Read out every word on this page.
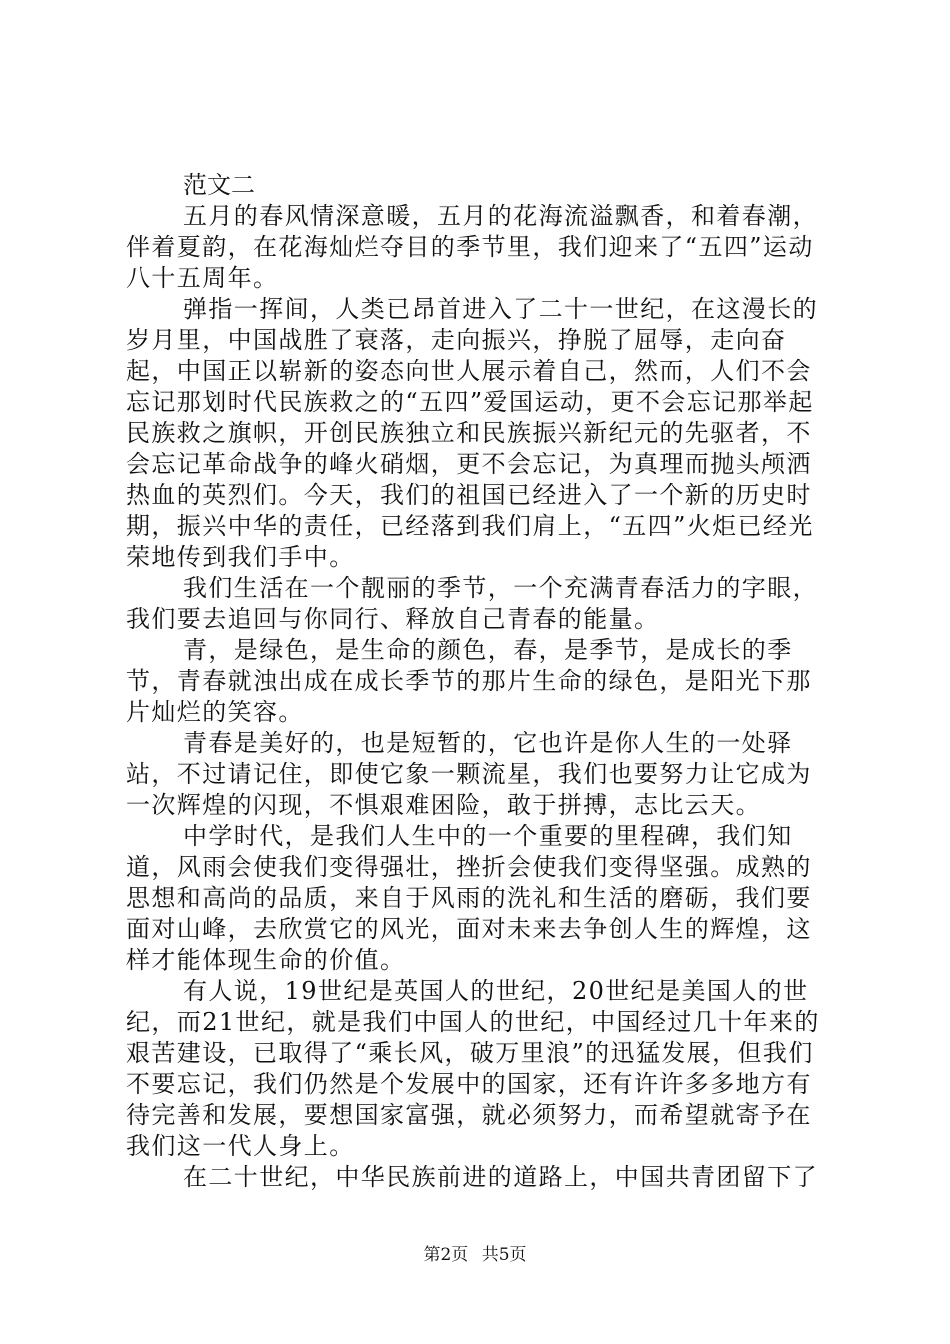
范文二

五月的春风情深意暖，五月的花海流溢飘香，和着春潮，伴着夏韵，在花海灿烂夺目的季节里，我们迎来了“五四”运动八十五周年。

弹指一挥间，人类已昂首进入了二十一世纪，在这漫长的岁月里，中国战胜了衰落，走向振兴，挣脱了屈辱，走向奋起，中国正以崭新的姿态向世人展示着自己，然而，人们不会忘记那划时代民族救之的“五四”爱国运动，更不会忘记那举起民族救之旗帜，开创民族独立和民族振兴新纪元的先驱者，不会忘记革命战争的峰火硝烟，更不会忘记，为真理而抛头颅洒热血的英烈们。今天，我们的祖国已经进入了一个新的历史时期，振兴中华的责任，已经落到我们肩上，“五四”火炬已经光荣地传到我们手中。

我们生活在一个靓丽的季节，一个充满青春活力的字眼，我们要去追回与你同行、释放自己青春的能量。

青，是绿色，是生命的颜色，春，是季节，是成长的季节，青春就浊出成在成长季节的那片生命的绿色，是阳光下那片灿烂的笑容。

青春是美好的，也是短暂的，它也许是你人生的一处驿站，不过请记住，即使它象一颗流星，我们也要努力让它成为一次辉煌的闪现，不惧艰难困险，敢于拼搏，志比云天。

中学时代，是我们人生中的一个重要的里程碑，我们知道，风雨会使我们变得强壮，挫折会使我们变得坚强。成熟的思想和高尚的品质，来自于风雨的洗礼和生活的磨砺，我们要面对山峰，去欣赏它的风光，面对未来去争创人生的辉煌，这样才能体现生命的价值。

有人说，19世纪是英国人的世纪，20世纪是美国人的世纪，而21世纪，就是我们中国人的世纪，中国经过几十年来的艰苦建设，已取得了“乘长风，破万里浪”的迅猛发展，但我们不要忘记，我们仍然是个发展中的国家，还有许许多多地方有待完善和发展，要想国家富强，就必须努力，而希望就寄予在我们这一代人身上。

在二十世纪，中华民族前进的道路上，中国共青团留下了

第2页 共5页
